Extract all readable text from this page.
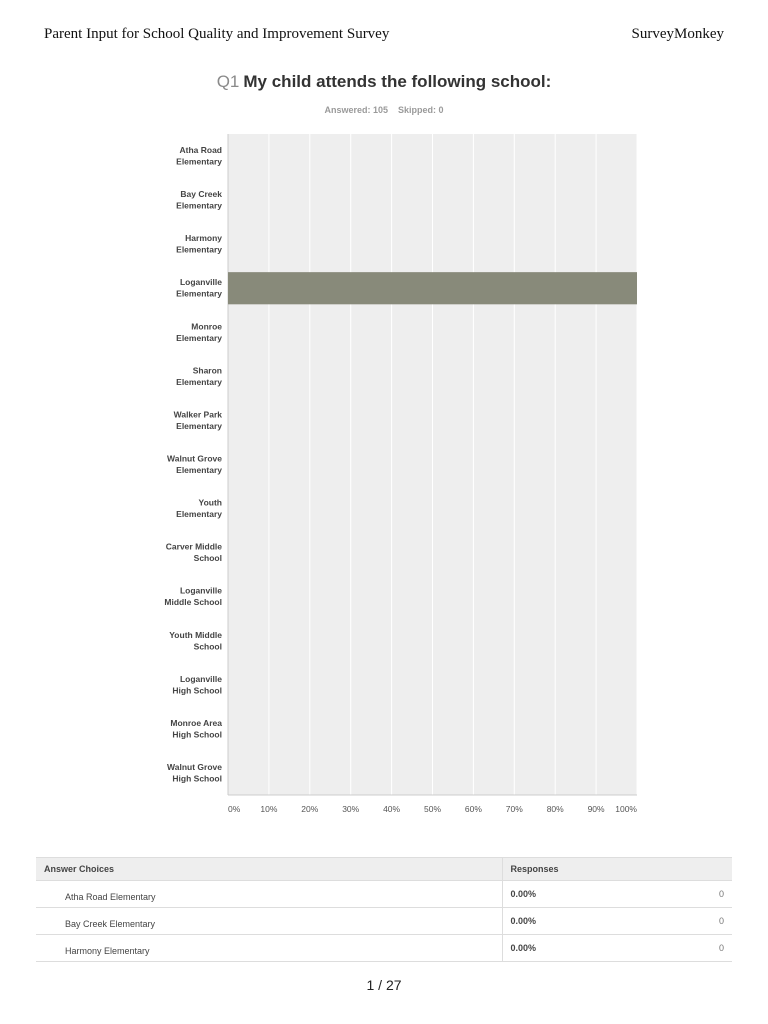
Parent Input for School Quality and Improvement Survey	SurveyMonkey
Q1 My child attends the following school:
Answered: 105 Skipped: 0
0% 10%	20%	30%	40%	50%	60%	70%	80%	90% 100%
Atha Road Elementary
Bay Creek Elementary
Harmony Elementary
Loganville Elementary
Monroe Elementary
Sharon Elementary
Walker Park Elementary
Walnut Grove Elementary
Youth Elementary
Carver Middle School
Loganville Middle School
Youth Middle School
Loganville High School
Monroe Area High School
Walnut Grove High School
Answer Choices	Responses	
Atha Road Elementary	0.00%	0
Bay Creek Elementary	0.00%	0
Harmony Elementary	0.00%	0
1 / 27
